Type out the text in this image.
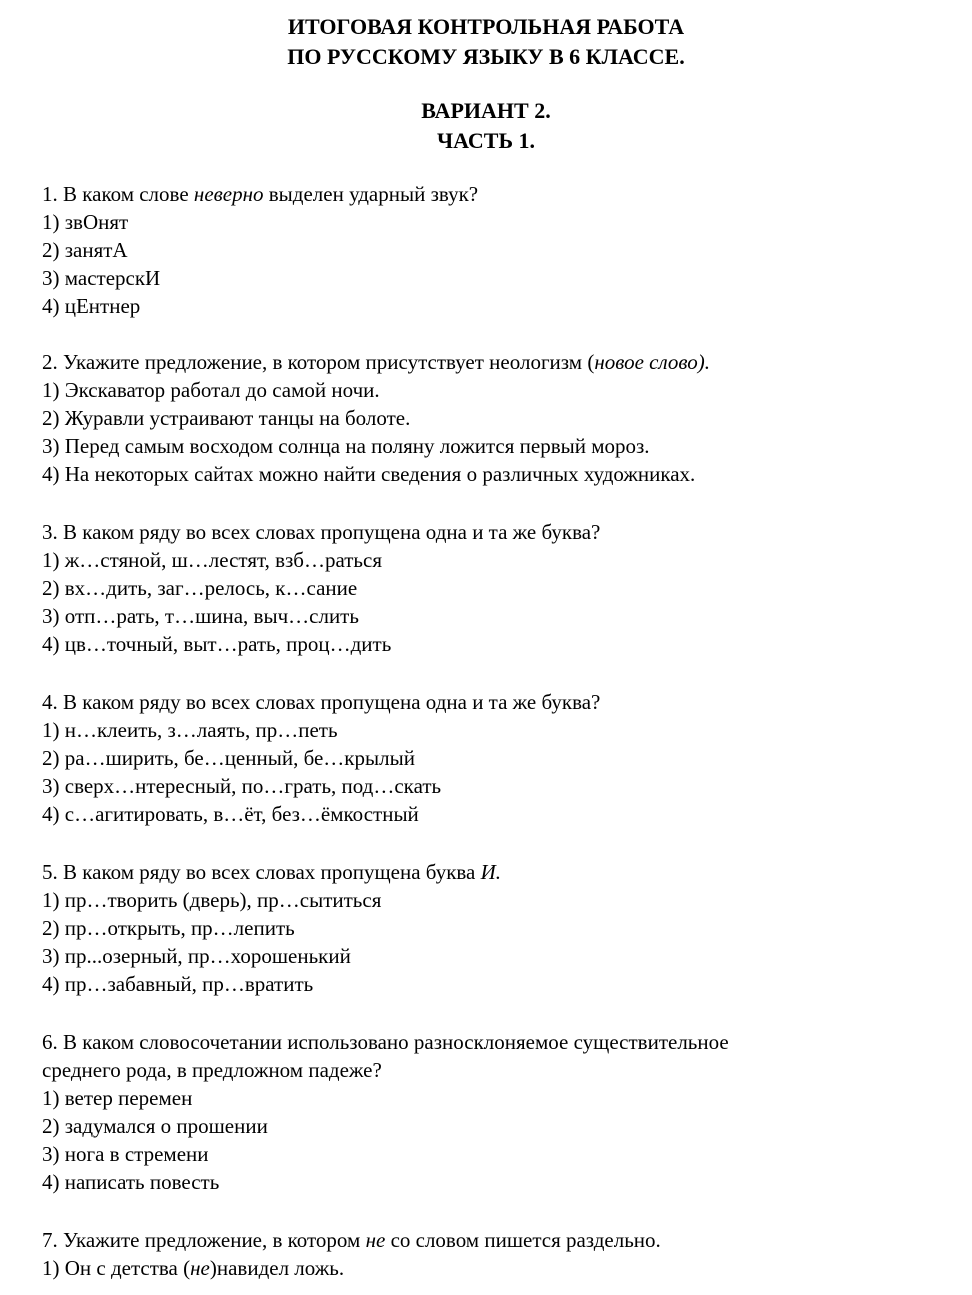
ИТОГОВАЯ КОНТРОЛЬНАЯ РАБОТА

ПО РУССКОМУ ЯЗЫКУ В 6 КЛАССЕ.

ВАРИАНТ 2.

ЧАСТЬ 1.

1. В каком слове неверно выделен ударный звук?

1) звОнят

2) занятА

3) мастерскИ

4) цЕнтнер

2. Укажите предложение, в котором присутствует неологизм (новое слово).

1) Экскаватор работал до самой ночи.

2) Журавли устраивают танцы на болоте.

3) Перед самым восходом солнца на поляну ложится первый мороз.

4) На некоторых сайтах можно найти сведения о различных художниках.

3. В каком ряду во всех словах пропущена одна и та же буква?

1) ж…стяной, ш…лестят, взб…раться

2) вх…дить, заг…релось, к…сание

3) отп…рать, т…шина, выч…слить

4) цв…точный, выт…рать, проц…дить

4. В каком ряду во всех словах пропущена одна и та же буква?

1) н…клеить, з…лаять, пр…петь

2) ра…ширить, бе…ценный, бе…крылый

3) сверх…нтересный, по…грать, под…скать

4) с…агитировать, в…ёт, без…ёмкостный

5. В каком ряду во всех словах пропущена буква И.

1) пр…творить (дверь), пр…сытиться

2) пр…открыть, пр…лепить

3) пр...озерный, пр…хорошенький

4) пр…забавный, пр…вратить

6. В каком словосочетании использовано разносклоняемое существительное

среднего рода, в предложном падеже?

1) ветер перемен

2) задумался о прошении

3) нога в стремени

4) написать повесть

7. Укажите предложение, в котором не со словом пишется раздельно.

1) Он с детства (не)навидел ложь.
